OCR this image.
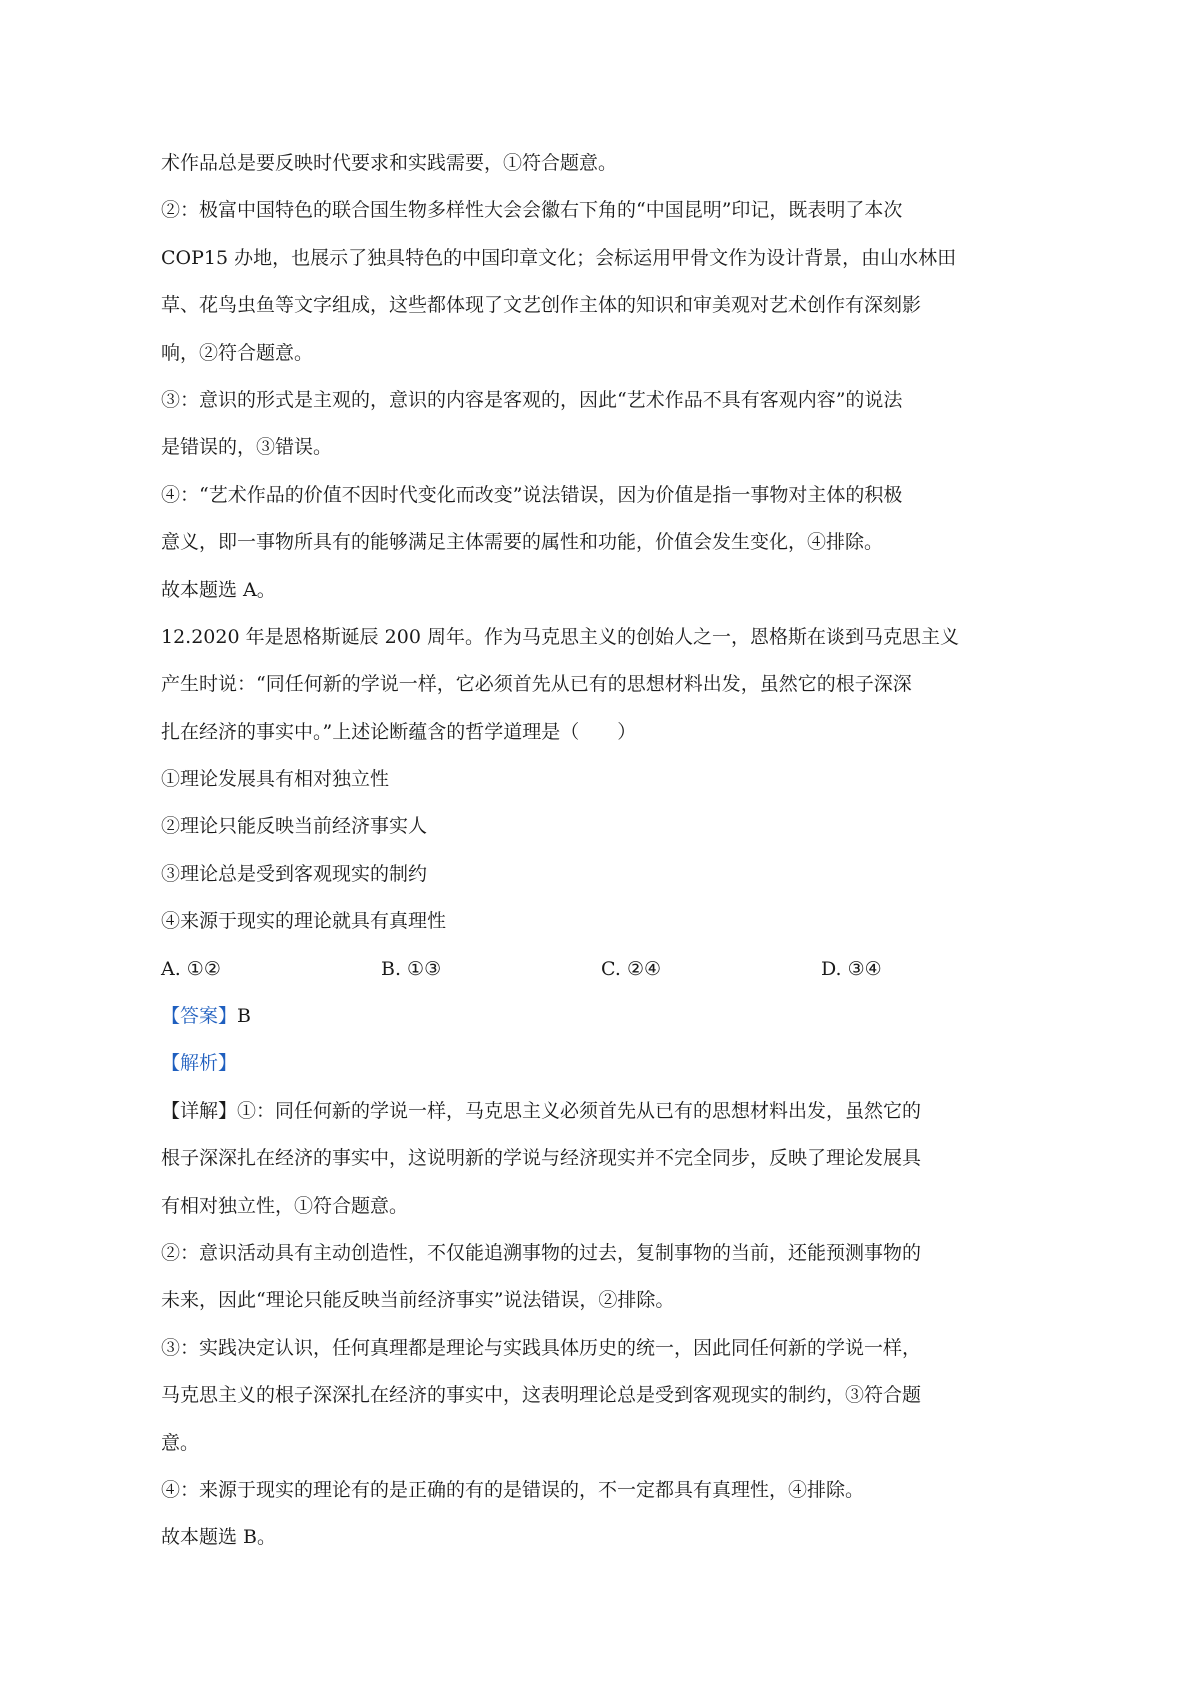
术作品总是要反映时代要求和实践需要，①符合题意。

②：极富中国特色的联合国生物多样性大会会徽右下角的“中国昆明”印记，既表明了本次

COP15 办地，也展示了独具特色的中国印章文化；会标运用甲骨文作为设计背景，由山水林田

草、花鸟虫鱼等文字组成，这些都体现了文艺创作主体的知识和审美观对艺术创作有深刻影

响，②符合题意。

③：意识的形式是主观的，意识的内容是客观的，因此“艺术作品不具有客观内容”的说法

是错误的，③错误。

④：“艺术作品的价值不因时代变化而改变”说法错误，因为价值是指一事物对主体的积极

意义，即一事物所具有的能够满足主体需要的属性和功能，价值会发生变化，④排除。

故本题选 A。

12.2020 年是恩格斯诞辰 200 周年。作为马克思主义的创始人之一，恩格斯在谈到马克思主义

产生时说：“同任何新的学说一样，它必须首先从已有的思想材料出发，虽然它的根子深深

扎在经济的事实中。”上述论断蕴含的哲学道理是（　　）

①理论发展具有相对独立性

②理论只能反映当前经济事实人

③理论总是受到客观现实的制约

④来源于现实的理论就具有真理性

A. ①②	B. ①③	C. ②④	D. ③④

【答案】B

【解析】

【详解】①：同任何新的学说一样，马克思主义必须首先从已有的思想材料出发，虽然它的

根子深深扎在经济的事实中，这说明新的学说与经济现实并不完全同步，反映了理论发展具

有相对独立性，①符合题意。

②：意识活动具有主动创造性，不仅能追溯事物的过去，复制事物的当前，还能预测事物的

未来，因此“理论只能反映当前经济事实”说法错误，②排除。

③：实践决定认识，任何真理都是理论与实践具体历史的统一，因此同任何新的学说一样，

马克思主义的根子深深扎在经济的事实中，这表明理论总是受到客观现实的制约，③符合题

意。

④：来源于现实的理论有的是正确的有的是错误的，不一定都具有真理性，④排除。

故本题选 B。
